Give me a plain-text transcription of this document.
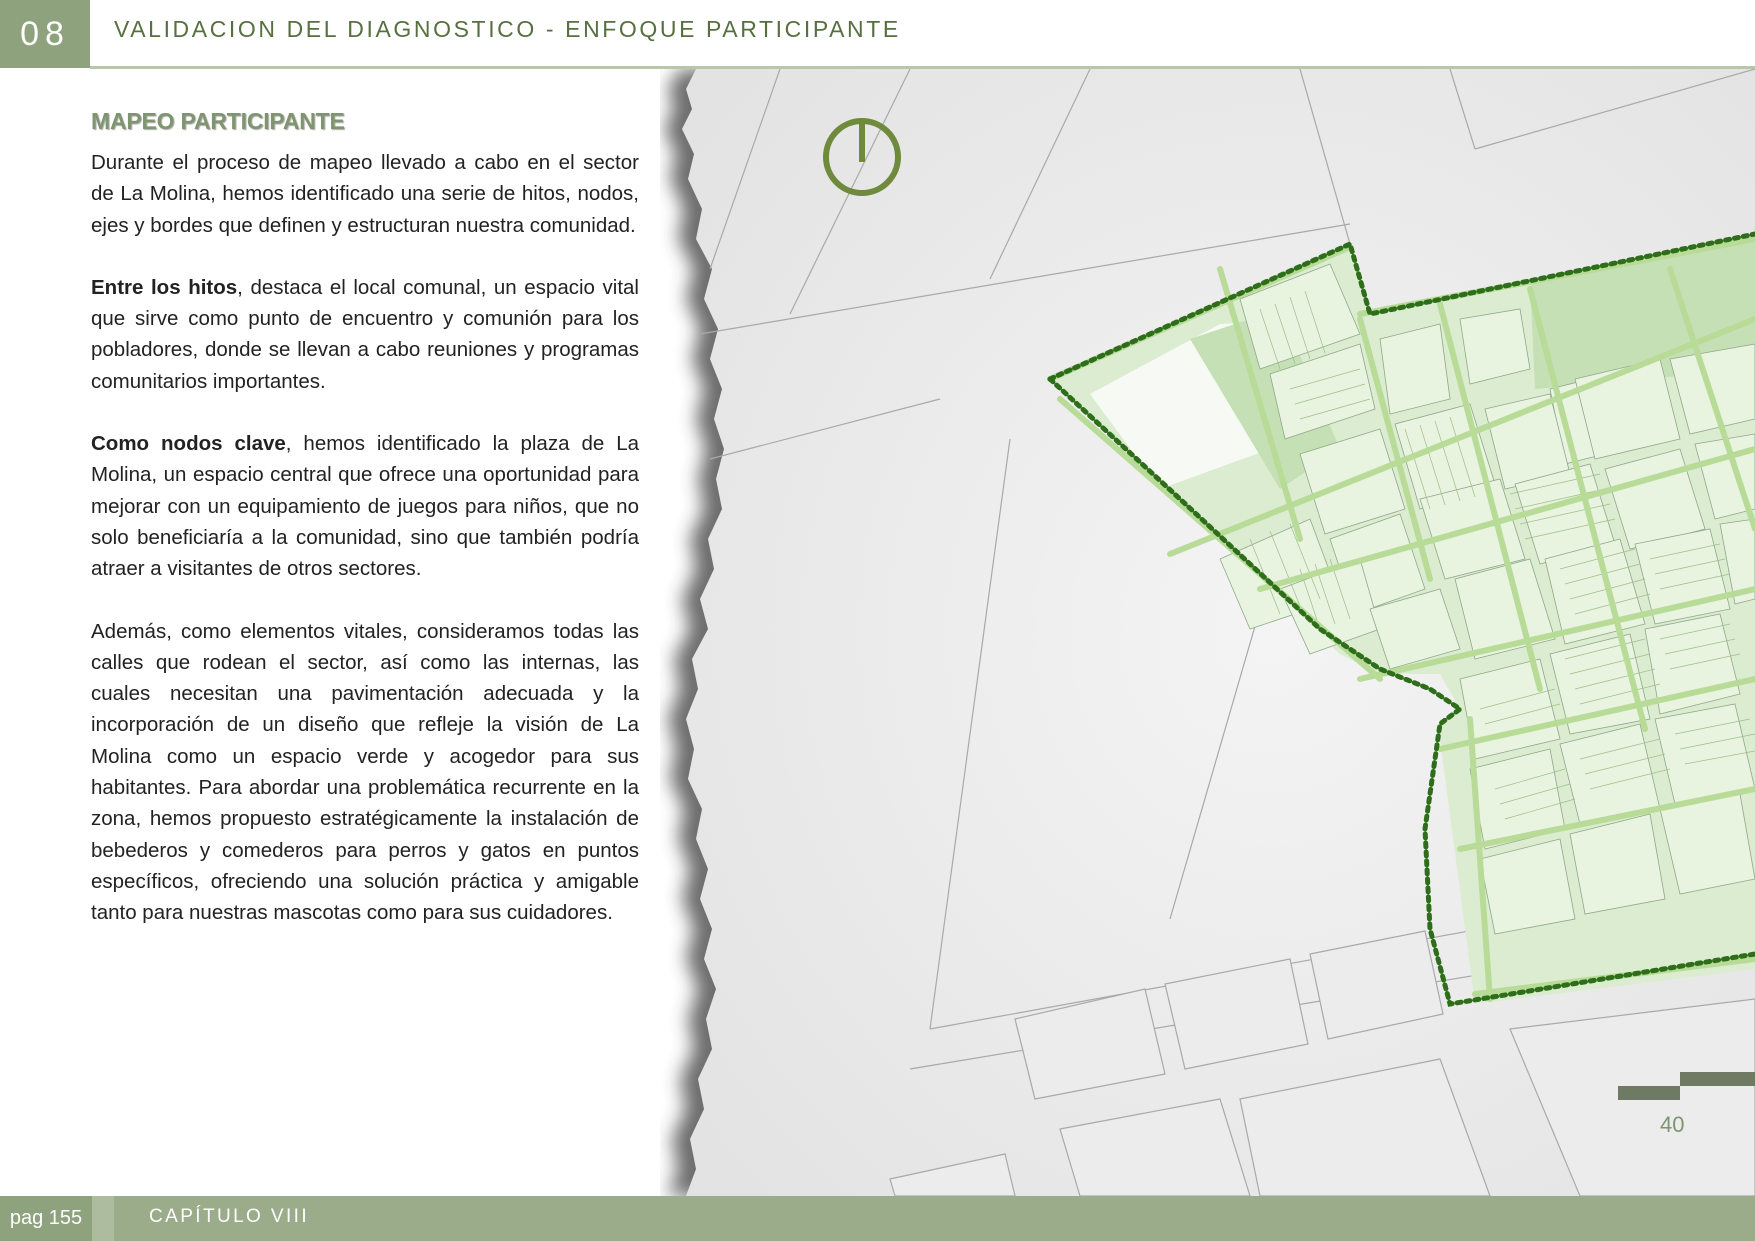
08	VALIDACION DEL DIAGNOSTICO - ENFOQUE PARTICIPANTE
MAPEO PARTICIPANTE

Durante el proceso de mapeo llevado a cabo en el sector de La Molina, hemos identificado una serie de hitos, nodos, ejes y bordes que definen y estructuran nuestra comunidad.

Entre los hitos, destaca el local comunal, un espacio vital que sirve como punto de encuentro y comunión para los pobladores, donde se llevan a cabo reuniones y programas comunitarios importantes.

Como nodos clave, hemos identificado la plaza de La Molina, un espacio central que ofrece una oportunidad para mejorar con un equipamiento de juegos para niños, que no solo beneficiaría a la comunidad, sino que también podría atraer a visitantes de otros sectores.

Además, como elementos vitales, consideramos todas las calles que rodean el sector, así como las internas, las cuales necesitan una pavimentación adecuada y la incorporación de un diseño que refleje la visión de La Molina como un espacio verde y acogedor para sus habitantes. Para abordar una problemática recurrente en la zona, hemos propuesto estratégicamente la instalación de bebederos y comederos para perros y gatos en puntos específicos, ofreciendo una solución práctica y amigable tanto para nuestras mascotas como para sus cuidadores.

40
pag 155	CAPÍTULO VIII
